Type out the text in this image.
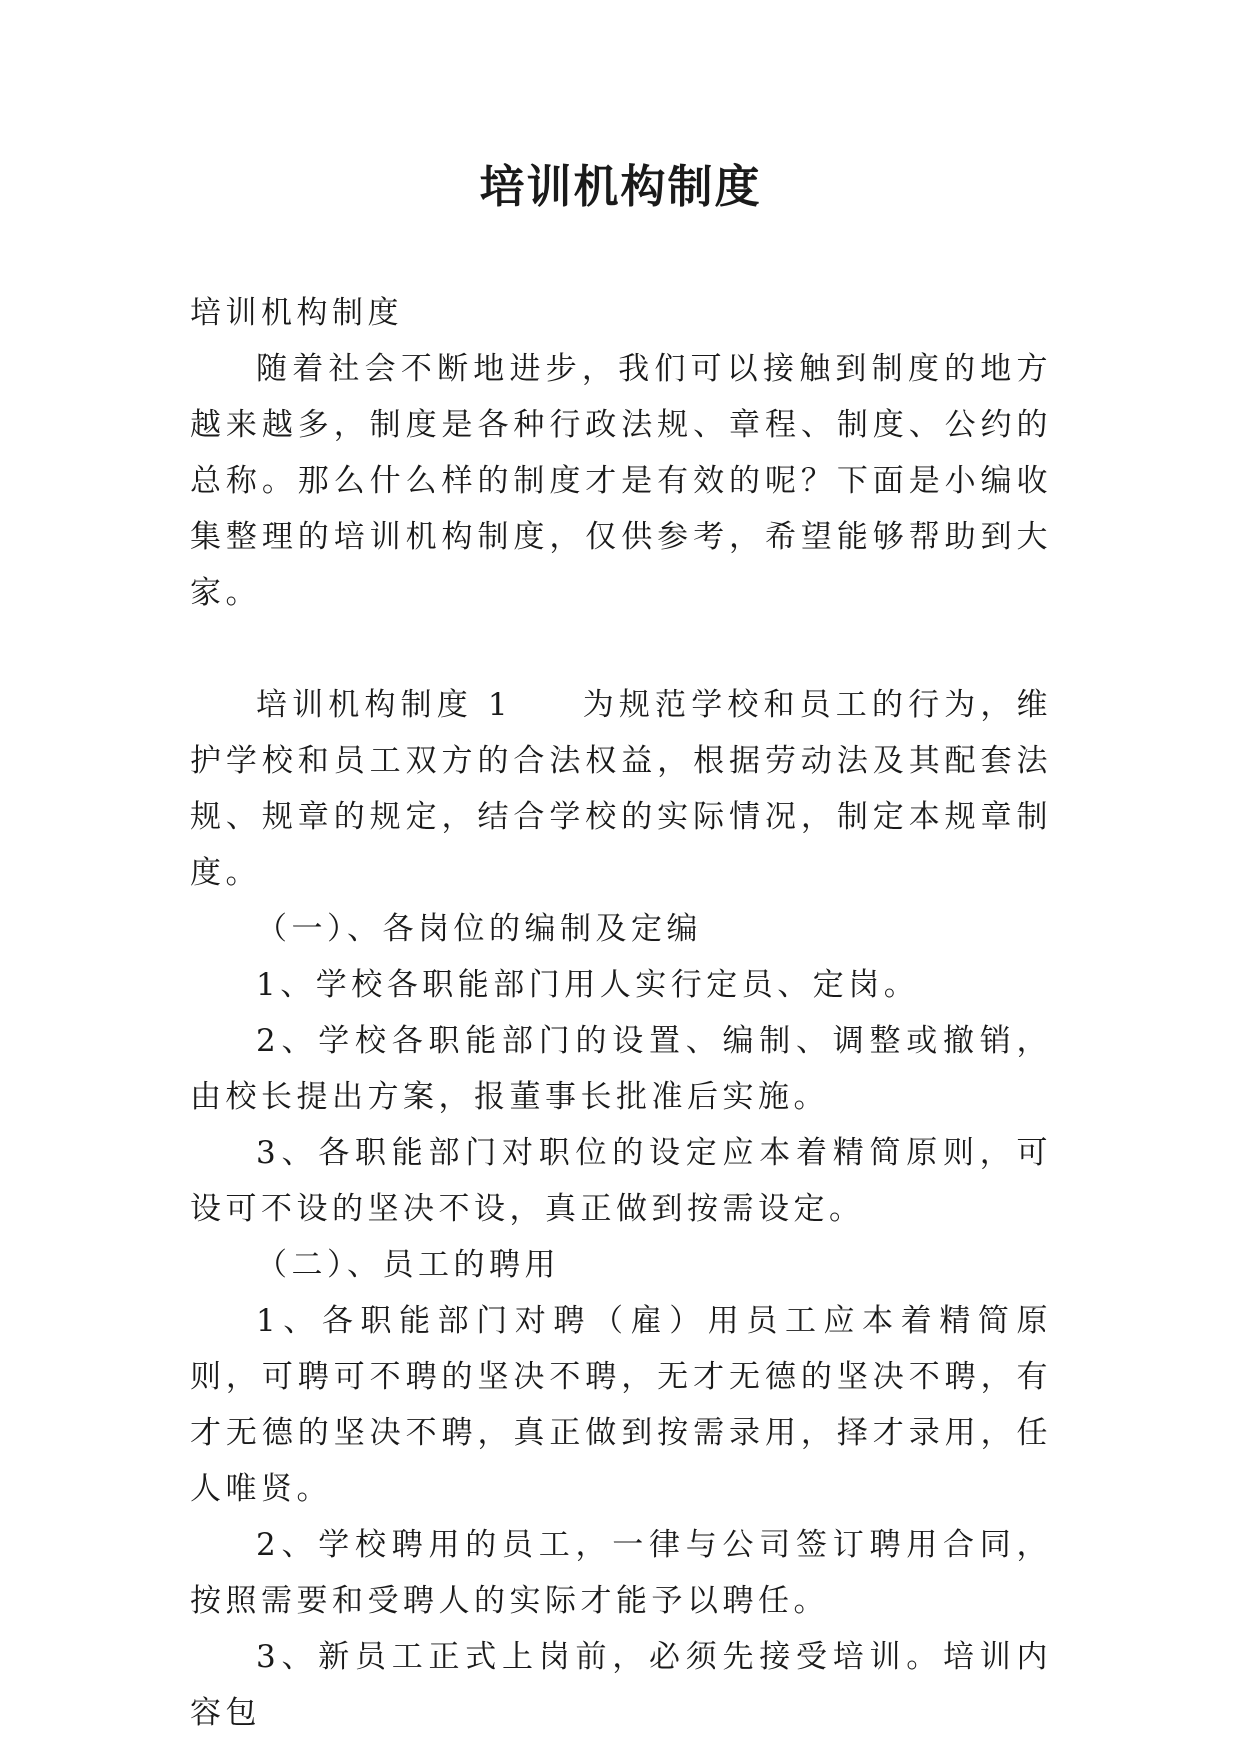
培训机构制度

培训机构制度

随着社会不断地进步，我们可以接触到制度的地方越来越多，制度是各种行政法规、章程、制度、公约的总称。那么什么样的制度才是有效的呢？下面是小编收集整理的培训机构制度，仅供参考，希望能够帮助到大家。

培训机构制度 1 为规范学校和员工的行为，维护学校和员工双方的合法权益，根据劳动法及其配套法规、规章的规定，结合学校的实际情况，制定本规章制度。

（一）、各岗位的编制及定编

1、学校各职能部门用人实行定员、定岗。

2、学校各职能部门的设置、编制、调整或撤销，由校长提出方案，报董事长批准后实施。

3、各职能部门对职位的设定应本着精简原则，可设可不设的坚决不设，真正做到按需设定。

（二）、员工的聘用

1、各职能部门对聘（雇）用员工应本着精简原则，可聘可不聘的坚决不聘，无才无德的坚决不聘，有才无德的坚决不聘，真正做到按需录用，择才录用，任人唯贤。

2、学校聘用的员工，一律与公司签订聘用合同，按照需要和受聘人的实际才能予以聘任。

3、新员工正式上岗前，必须先接受培训。培训内容包
